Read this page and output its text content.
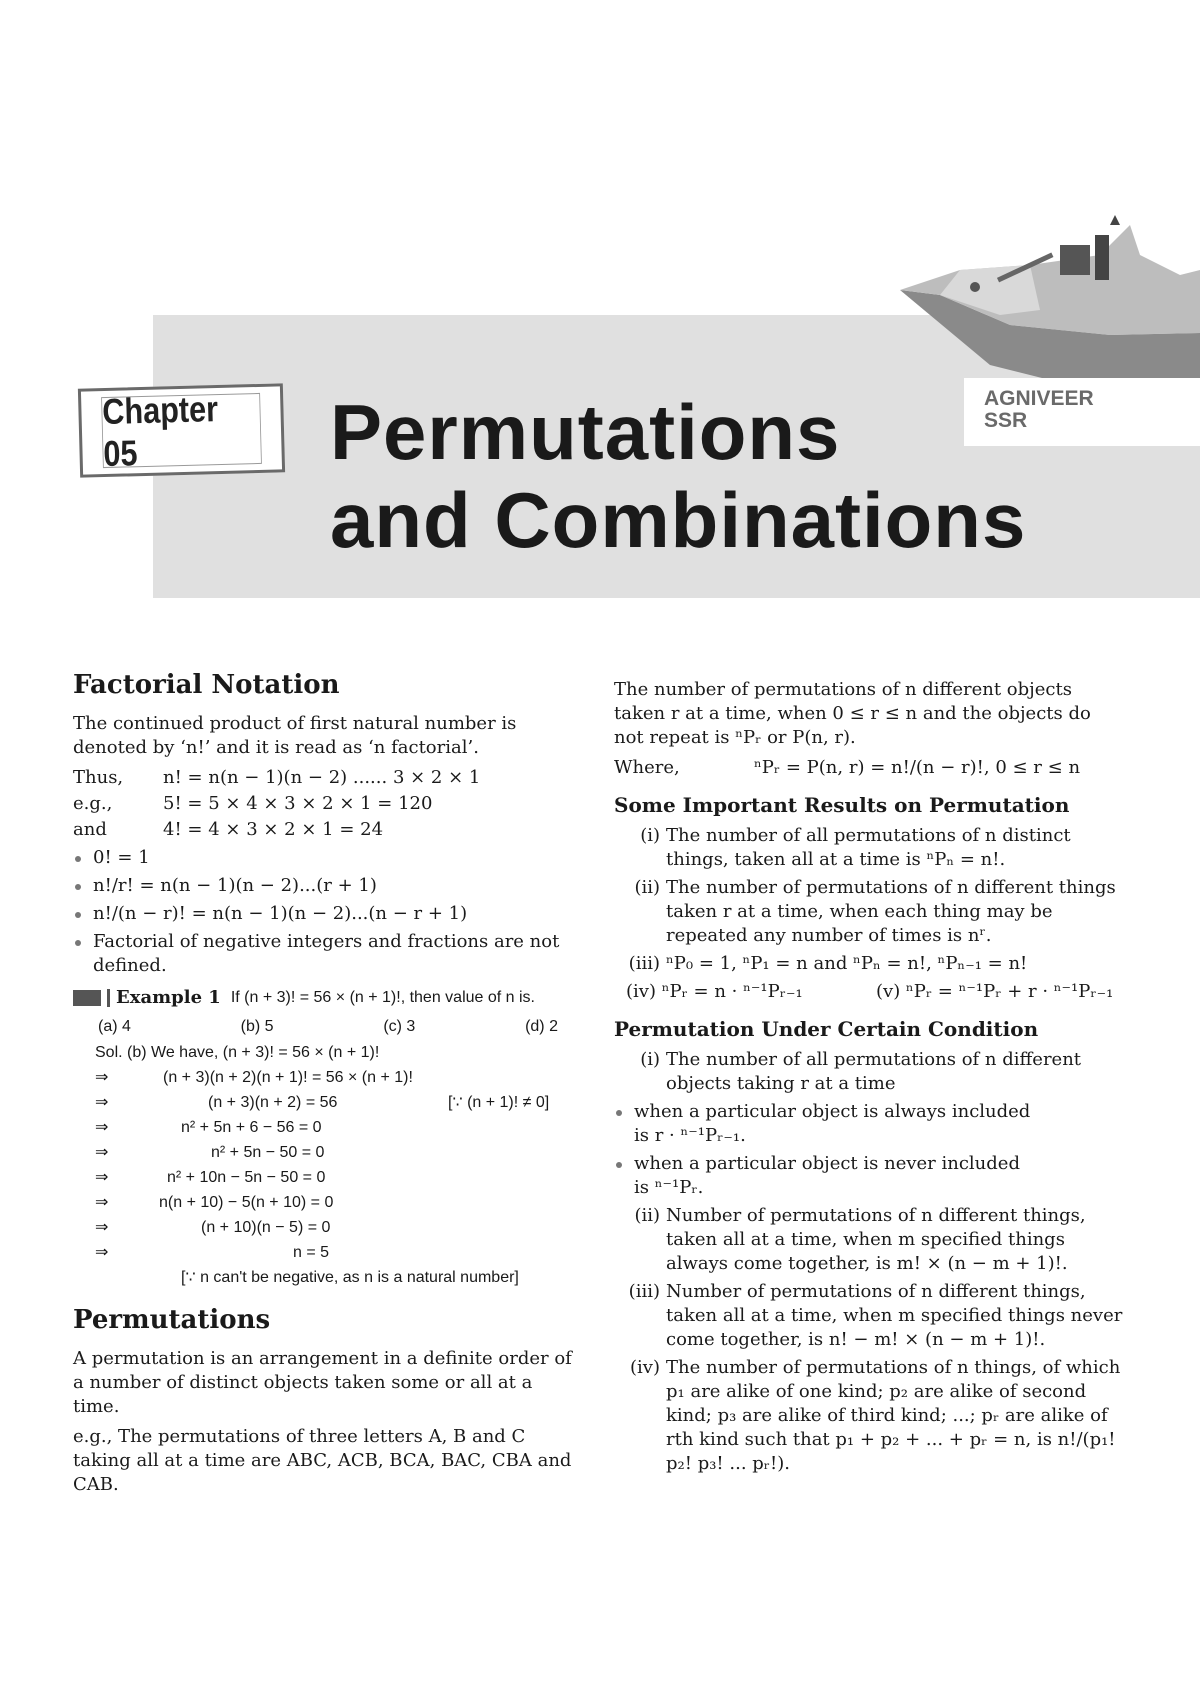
Chapter 05	Permutations
and Combinations
AGNIVEER
SSR
Factorial Notation

The continued product of first natural number is denoted by ‘n!’ and it is read as ‘n factorial’.

Thus,	n! = n(n − 1)(n − 2) ...... 3 × 2 × 1
e.g.,	5! = 5 × 4 × 3 × 2 × 1 = 120
and	4! = 4 × 3 × 2 × 1 = 24
0! = 1
n!/r! = n(n − 1)(n − 2)...(r + 1)
n!/(n − r)! = n(n − 1)(n − 2)...(n − r + 1)
Factorial of negative integers and fractions are not defined.
Example 1 If (n + 3)! = 56 × (n + 1)!, then value of n is.
(a) 4	(b) 5	(c) 3	(d) 2
Sol. (b) We have, (n + 3)! = 56 × (n + 1)!
⇒	(n + 3)(n + 2)(n + 1)! = 56 × (n + 1)!
⇒	(n + 3)(n + 2) = 56	[∵ (n + 1)! ≠ 0]
⇒	n² + 5n + 6 − 56 = 0
⇒	n² + 5n − 50 = 0
⇒	n² + 10n − 5n − 50 = 0
⇒	n(n + 10) − 5(n + 10) = 0
⇒	(n + 10)(n − 5) = 0
⇒	n = 5
[∵ n can't be negative, as n is a natural number]
Permutations

A permutation is an arrangement in a definite order of a number of distinct objects taken some or all at a time.

e.g., The permutations of three letters A, B and C taking all at a time are ABC, ACB, BCA, BAC, CBA and CAB.

The number of permutations of n different objects taken r at a time, when 0 ≤ r ≤ n and the objects do not repeat is ⁿPᵣ or P(n, r).

Where,	ⁿPᵣ = P(n, r) = n!/(n − r)!, 0 ≤ r ≤ n
Some Important Results on Permutation
(i) The number of all permutations of n distinct things, taken all at a time is ⁿPₙ = n!.
(ii) The number of permutations of n different things taken r at a time, when each thing may be repeated any number of times is nʳ.
(iii) ⁿP₀ = 1, ⁿP₁ = n and ⁿPₙ = n!, ⁿPₙ₋₁ = n!
(iv) ⁿPᵣ = n · ⁿ⁻¹Pᵣ₋₁	(v) ⁿPᵣ = ⁿ⁻¹Pᵣ + r · ⁿ⁻¹Pᵣ₋₁
Permutation Under Certain Condition
(i) The number of all permutations of n different objects taking r at a time
when a particular object is always included is r · ⁿ⁻¹Pᵣ₋₁.
when a particular object is never included is ⁿ⁻¹Pᵣ.
(ii) Number of permutations of n different things, taken all at a time, when m specified things always come together, is m! × (n − m + 1)!.
(iii) Number of permutations of n different things, taken all at a time, when m specified things never come together, is n! − m! × (n − m + 1)!.
(iv) The number of permutations of n things, of which p₁ are alike of one kind; p₂ are alike of second kind; p₃ are alike of third kind; ...; pᵣ are alike of rth kind such that p₁ + p₂ + ... + pᵣ = n, is n!/(p₁! p₂! p₃! ... pᵣ!).
